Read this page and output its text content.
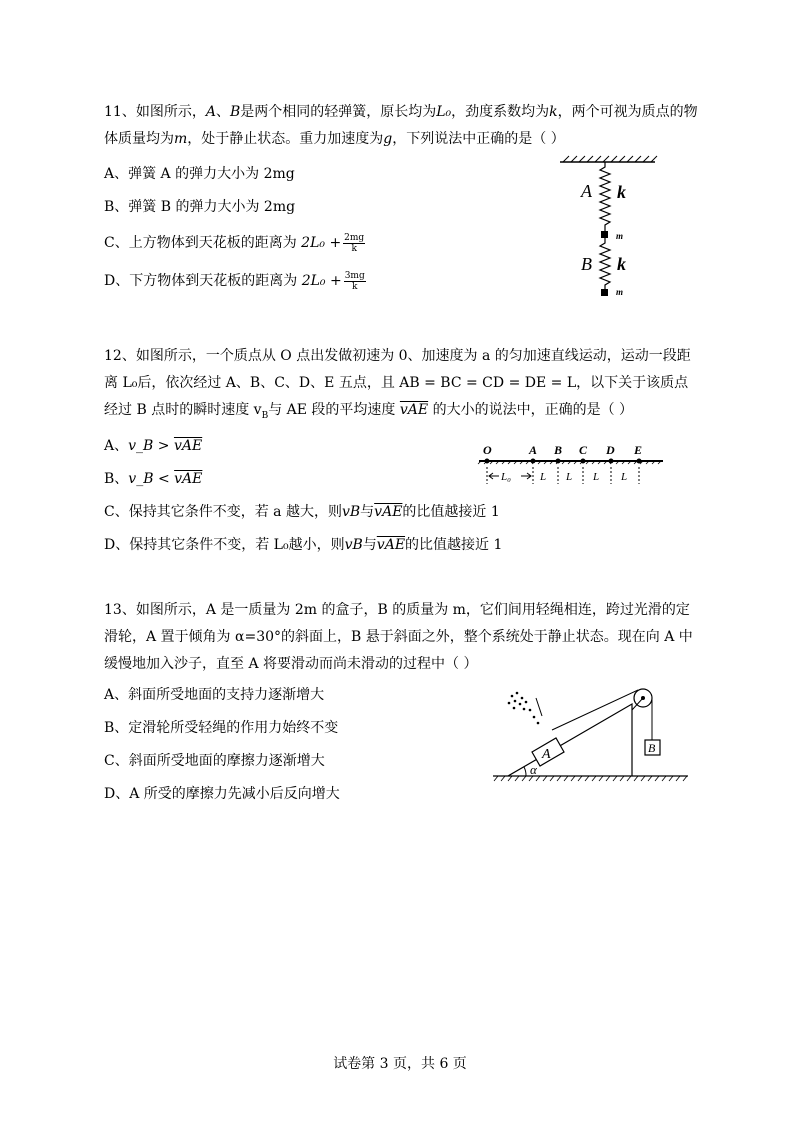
11、如图所示，A、B是两个相同的轻弹簧，原长均为L₀，劲度系数均为k，两个可视为质点的物体质量均为m，处于静止状态。重力加速度为g，下列说法中正确的是（ ）

A、弹簧 A 的弹力大小为 2mg

B、弹簧 B 的弹力大小为 2mg

C、上方物体到天花板的距离为 $2L_0 + \frac{2mg}{k}$

D、下方物体到天花板的距离为 $2L_0 + \frac{3mg}{k}$

A k
m
B k
m

12、如图所示，一个质点从 O 点出发做初速为 0、加速度为 a 的匀加速直线运动，运动一段距离 L₀后，依次经过 A、B、C、D、E 五点，且 AB = BC = CD = DE = L，以下关于该质点经过 B 点时的瞬时速度 $v_B$与 AE 段的平均速度 $\overline{vAE}$ 的大小的说法中，正确的是（ ）

A、v_B > $\overline{vAE}$

B、v_B < $\overline{vAE}$

C、保持其它条件不变，若 a 越大，则vB与$\overline{vAE}$的比值越接近 1

D、保持其它条件不变，若 L₀越小，则vB与$\overline{vAE}$的比值越接近 1

O	A B C D E
L₀	L L L L

13、如图所示，A 是一质量为 2m 的盒子，B 的质量为 m，它们间用轻绳相连，跨过光滑的定滑轮，A 置于倾角为 α=30°的斜面上，B 悬于斜面之外，整个系统处于静止状态。现在向 A 中缓慢地加入沙子，直至 A 将要滑动而尚未滑动的过程中（ ）

A、斜面所受地面的支持力逐渐增大

B、定滑轮所受轻绳的作用力始终不变

C、斜面所受地面的摩擦力逐渐增大

D、A 所受的摩擦力先减小后反向增大

A	B
α
试卷第 3 页，共 6 页
